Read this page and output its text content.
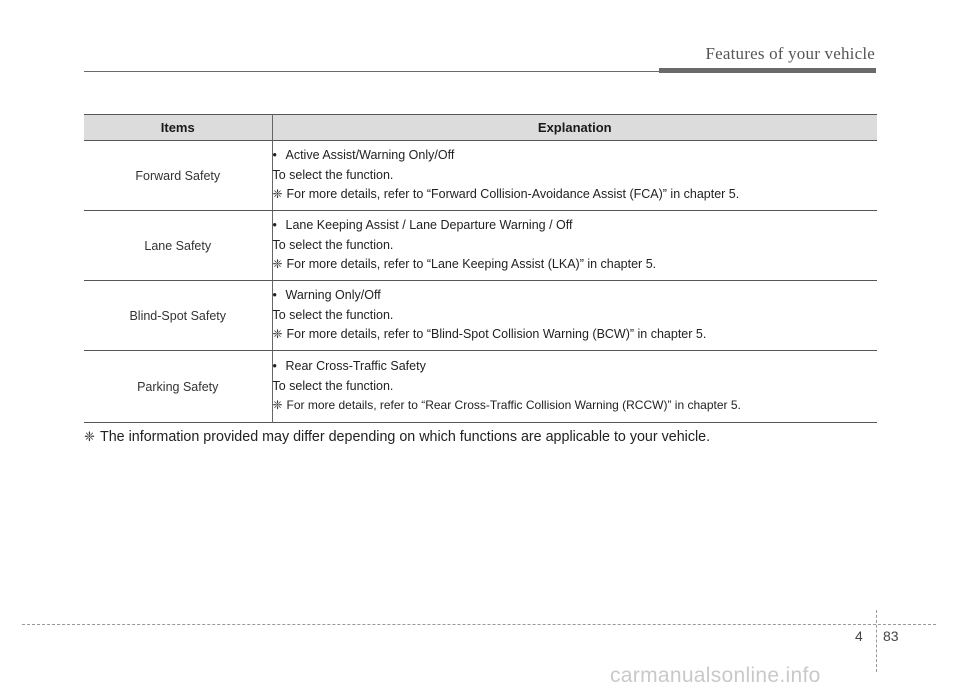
Features of your vehicle
Items	Explanation
Forward Safety	• Active Assist/Warning Only/Off
To select the function.
❈ For more details, refer to “Forward Collision-Avoidance Assist (FCA)” in chapter 5.

Lane Safety	• Lane Keeping Assist / Lane Departure Warning / Off
To select the function.
❈ For more details, refer to “Lane Keeping Assist (LKA)” in chapter 5.

Blind-Spot Safety	• Warning Only/Off
To select the function.
❈ For more details, refer to “Blind-Spot Collision Warning (BCW)” in chapter 5.

Parking Safety	• Rear Cross-Traffic Safety
To select the function.
❈ For more details, refer to “Rear Cross-Traffic Collision Warning (RCCW)” in chapter 5.
❈ The information provided may differ depending on which functions are applicable to your vehicle.
4 83
carmanualsonline.info
